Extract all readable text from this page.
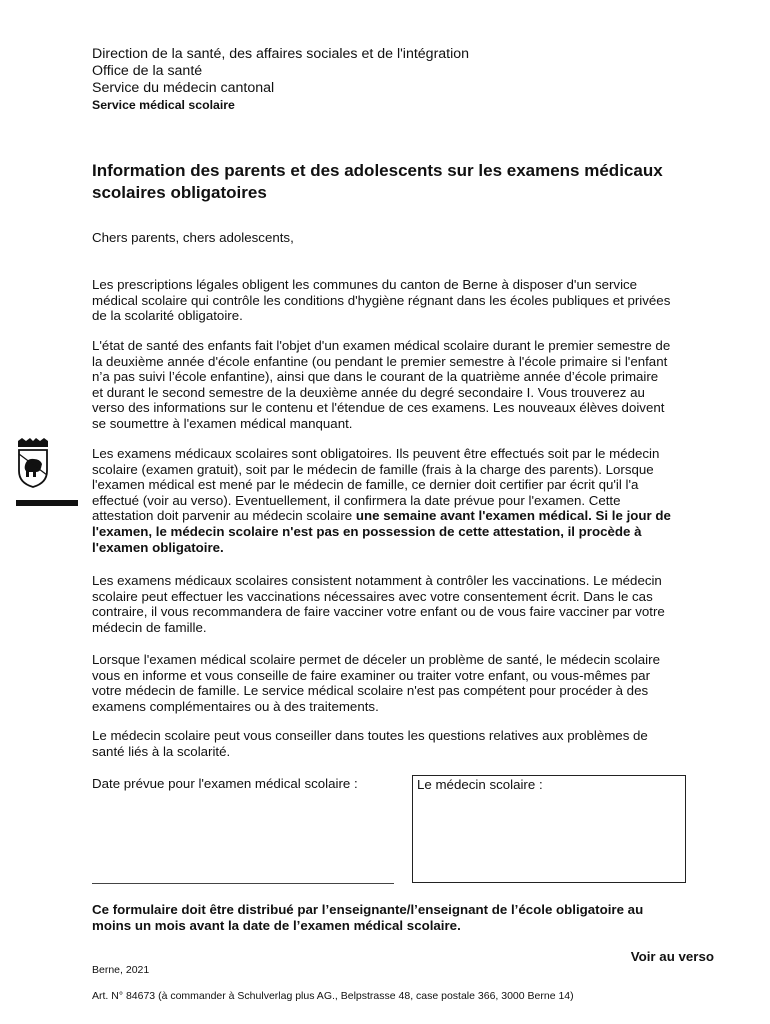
Direction de la santé, des affaires sociales et de l'intégration
Office de la santé
Service du médecin cantonal
Service médical scolaire
Information des parents et des adolescents sur les examens médicaux
scolaires obligatoires
Chers parents, chers adolescents,

Les prescriptions légales obligent les communes du canton de Berne à disposer d'un service
médical scolaire qui contrôle les conditions d'hygiène régnant dans les écoles publiques et privées
de la scolarité obligatoire.

L'état de santé des enfants fait l'objet d'un examen médical scolaire durant le premier semestre de
la deuxième année d'école enfantine (ou pendant le premier semestre à l'école primaire si l'enfant
n’a pas suivi l’école enfantine), ainsi que dans le courant de la quatrième année d’école primaire
et durant le second semestre de la deuxième année du degré secondaire I. Vous trouverez au
verso des informations sur le contenu et l'étendue de ces examens. Les nouveaux élèves doivent
se soumettre à l'examen médical manquant.

Les examens médicaux scolaires sont obligatoires. Ils peuvent être effectués soit par le médecin
scolaire (examen gratuit), soit par le médecin de famille (frais à la charge des parents). Lorsque
l'examen médical est mené par le médecin de famille, ce dernier doit certifier par écrit qu'il l'a
effectué (voir au verso). Eventuellement, il confirmera la date prévue pour l'examen. Cette
attestation doit parvenir au médecin scolaire une semaine avant l'examen médical. Si le jour de
l'examen, le médecin scolaire n'est pas en possession de cette attestation, il procède à
l'examen obligatoire.

Les examens médicaux scolaires consistent notamment à contrôler les vaccinations. Le médecin
scolaire peut effectuer les vaccinations nécessaires avec votre consentement écrit. Dans le cas
contraire, il vous recommandera de faire vacciner votre enfant ou de vous faire vacciner par votre
médecin de famille.

Lorsque l'examen médical scolaire permet de déceler un problème de santé, le médecin scolaire
vous en informe et vous conseille de faire examiner ou traiter votre enfant, ou vous-mêmes par
votre médecin de famille. Le service médical scolaire n'est pas compétent pour procéder à des
examens complémentaires ou à des traitements.

Le médecin scolaire peut vous conseiller dans toutes les questions relatives aux problèmes de
santé liés à la scolarité.

Date prévue pour l'examen médical scolaire :	Le médecin scolaire :

Ce formulaire doit être distribué par l’enseignante/l’enseignant de l’école obligatoire au
moins un mois avant la date de l’examen médical scolaire.

Voir au verso
Berne, 2021
Art. N° 84673 (à commander à Schulverlag plus AG., Belpstrasse 48, case postale 366, 3000 Berne 14)
